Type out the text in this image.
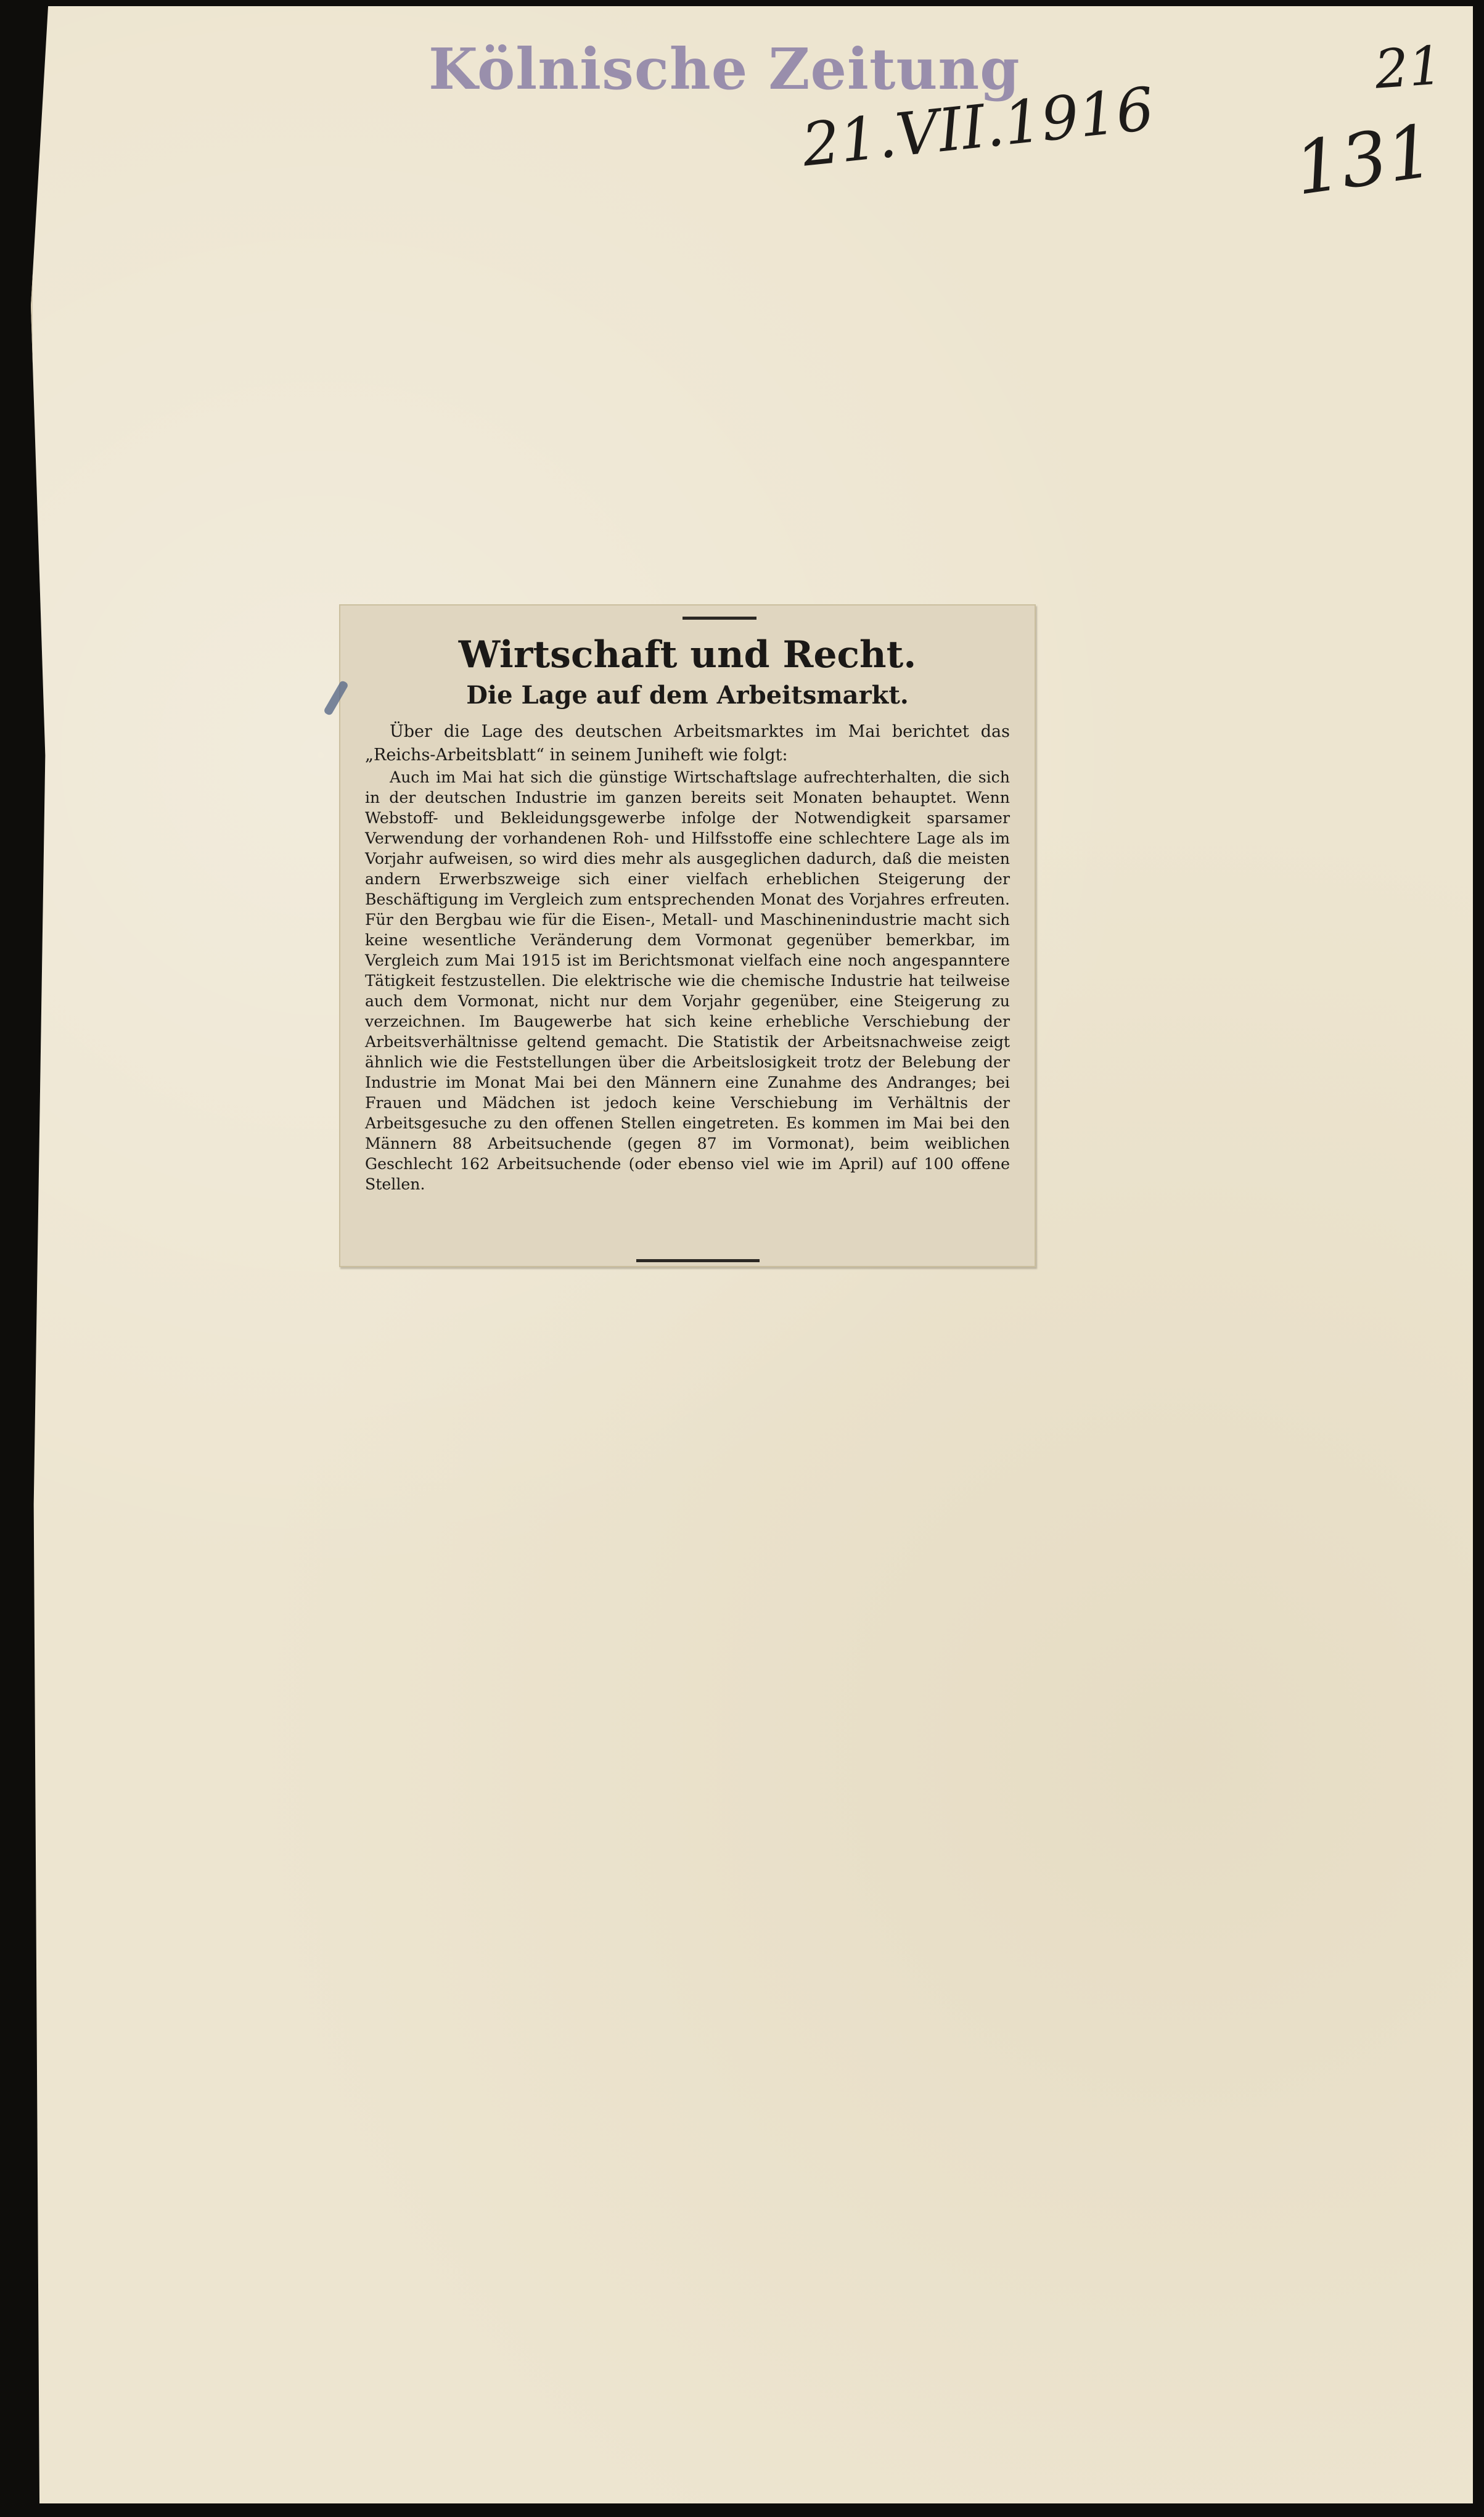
Kölnische Zeitung
21.VII.1916
21
131
Wirtschaft und Recht.
Die Lage auf dem Arbeitsmarkt.

Über die Lage des deutschen Arbeitsmarktes im Mai berichtet das „Reichs-Arbeitsblatt“ in seinem Juniheft wie folgt:

Auch im Mai hat sich die günstige Wirtschaftslage aufrechterhalten, die sich in der deutschen Industrie im ganzen bereits seit Monaten behauptet. Wenn Webstoff- und Bekleidungsgewerbe infolge der Notwendigkeit sparsamer Verwendung der vorhandenen Roh- und Hilfsstoffe eine schlechtere Lage als im Vorjahr aufweisen, so wird dies mehr als ausgeglichen dadurch, daß die meisten andern Erwerbszweige sich einer vielfach erheblichen Steigerung der Beschäftigung im Vergleich zum entsprechenden Monat des Vorjahres erfreuten. Für den Bergbau wie für die Eisen-, Metall- und Maschinenindustrie macht sich keine wesentliche Veränderung dem Vormonat gegenüber bemerkbar, im Vergleich zum Mai 1915 ist im Berichtsmonat vielfach eine noch angespanntere Tätigkeit festzustellen. Die elektrische wie die chemische Industrie hat teilweise auch dem Vormonat, nicht nur dem Vorjahr gegenüber, eine Steigerung zu verzeichnen. Im Baugewerbe hat sich keine erhebliche Verschiebung der Arbeitsverhältnisse geltend gemacht. Die Statistik der Arbeitsnachweise zeigt ähnlich wie die Feststellungen über die Arbeitslosigkeit trotz der Belebung der Industrie im Monat Mai bei den Männern eine Zunahme des Andranges; bei Frauen und Mädchen ist jedoch keine Verschiebung im Verhältnis der Arbeitsgesuche zu den offenen Stellen eingetreten. Es kommen im Mai bei den Männern 88 Arbeitsuchende (gegen 87 im Vormonat), beim weiblichen Geschlecht 162 Arbeitsuchende (oder ebenso viel wie im April) auf 100 offene Stellen.
